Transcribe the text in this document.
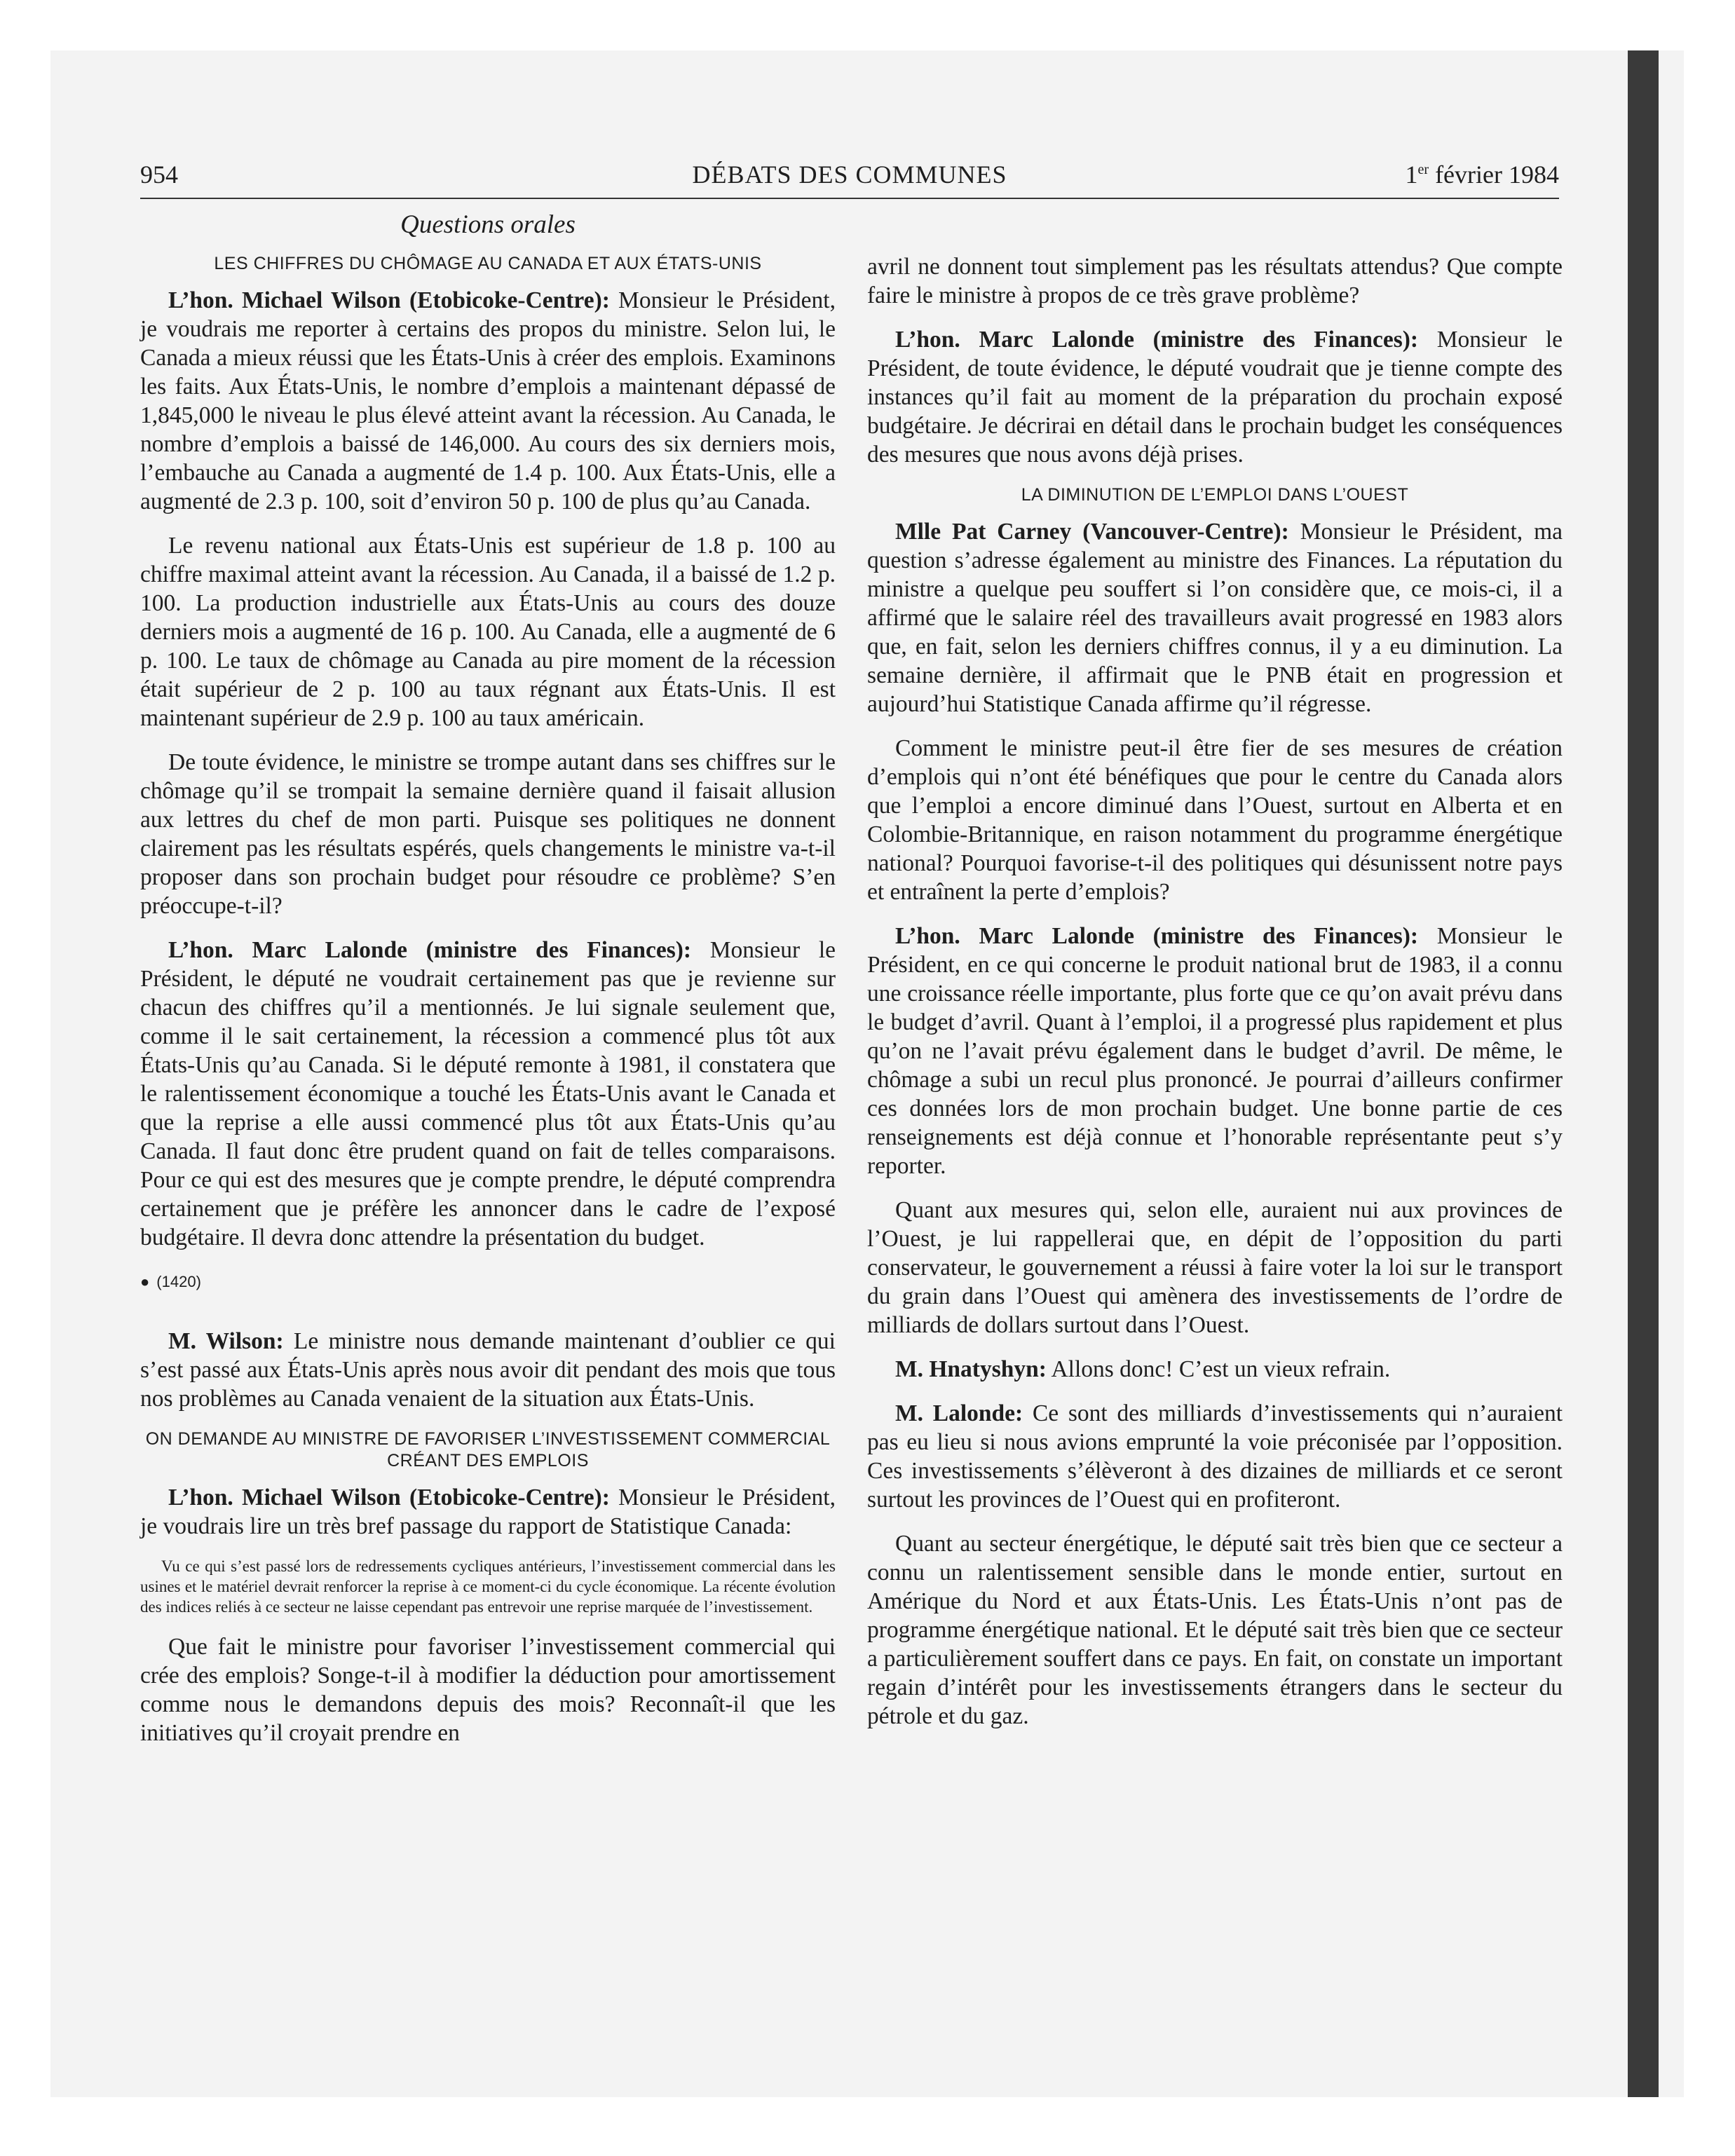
954	DÉBATS DES COMMUNES	1er février 1984
Questions orales
LES CHIFFRES DU CHÔMAGE AU CANADA ET AUX ÉTATS-UNIS

L’hon. Michael Wilson (Etobicoke-Centre): Monsieur le Président, je voudrais me reporter à certains des propos du ministre. Selon lui, le Canada a mieux réussi que les États-Unis à créer des emplois. Examinons les faits. Aux États-Unis, le nombre d’emplois a maintenant dépassé de 1,845,000 le niveau le plus élevé atteint avant la récession. Au Canada, le nombre d’emplois a baissé de 146,000. Au cours des six derniers mois, l’embauche au Canada a augmenté de 1.4 p. 100. Aux États-Unis, elle a augmenté de 2.3 p. 100, soit d’environ 50 p. 100 de plus qu’au Canada.

Le revenu national aux États-Unis est supérieur de 1.8 p. 100 au chiffre maximal atteint avant la récession. Au Canada, il a baissé de 1.2 p. 100. La production industrielle aux États-Unis au cours des douze derniers mois a augmenté de 16 p. 100. Au Canada, elle a augmenté de 6 p. 100. Le taux de chômage au Canada au pire moment de la récession était supérieur de 2 p. 100 au taux régnant aux États-Unis. Il est maintenant supérieur de 2.9 p. 100 au taux américain.

De toute évidence, le ministre se trompe autant dans ses chiffres sur le chômage qu’il se trompait la semaine dernière quand il faisait allusion aux lettres du chef de mon parti. Puisque ses politiques ne donnent clairement pas les résultats espérés, quels changements le ministre va-t-il proposer dans son prochain budget pour résoudre ce problème? S’en préoccupe-t-il?

L’hon. Marc Lalonde (ministre des Finances): Monsieur le Président, le député ne voudrait certainement pas que je revienne sur chacun des chiffres qu’il a mentionnés. Je lui signale seulement que, comme il le sait certainement, la récession a commencé plus tôt aux États-Unis qu’au Canada. Si le député remonte à 1981, il constatera que le ralentissement économique a touché les États-Unis avant le Canada et que la reprise a elle aussi commencé plus tôt aux États-Unis qu’au Canada. Il faut donc être prudent quand on fait de telles comparaisons. Pour ce qui est des mesures que je compte prendre, le député comprendra certainement que je préfère les annoncer dans le cadre de l’exposé budgétaire. Il devra donc attendre la présentation du budget.

● (1420)

M. Wilson: Le ministre nous demande maintenant d’oublier ce qui s’est passé aux États-Unis après nous avoir dit pendant des mois que tous nos problèmes au Canada venaient de la situation aux États-Unis.

ON DEMANDE AU MINISTRE DE FAVORISER L’INVESTISSEMENT COMMERCIAL CRÉANT DES EMPLOIS

L’hon. Michael Wilson (Etobicoke-Centre): Monsieur le Président, je voudrais lire un très bref passage du rapport de Statistique Canada:

Vu ce qui s’est passé lors de redressements cycliques antérieurs, l’investissement commercial dans les usines et le matériel devrait renforcer la reprise à ce moment-ci du cycle économique. La récente évolution des indices reliés à ce secteur ne laisse cependant pas entrevoir une reprise marquée de l’investissement.

Que fait le ministre pour favoriser l’investissement commercial qui crée des emplois? Songe-t-il à modifier la déduction pour amortissement comme nous le demandons depuis des mois? Reconnaît-il que les initiatives qu’il croyait prendre en

avril ne donnent tout simplement pas les résultats attendus? Que compte faire le ministre à propos de ce très grave problème?

L’hon. Marc Lalonde (ministre des Finances): Monsieur le Président, de toute évidence, le député voudrait que je tienne compte des instances qu’il fait au moment de la préparation du prochain exposé budgétaire. Je décrirai en détail dans le prochain budget les conséquences des mesures que nous avons déjà prises.

LA DIMINUTION DE L’EMPLOI DANS L’OUEST

Mlle Pat Carney (Vancouver-Centre): Monsieur le Président, ma question s’adresse également au ministre des Finances. La réputation du ministre a quelque peu souffert si l’on considère que, ce mois-ci, il a affirmé que le salaire réel des travailleurs avait progressé en 1983 alors que, en fait, selon les derniers chiffres connus, il y a eu diminution. La semaine dernière, il affirmait que le PNB était en progression et aujourd’hui Statistique Canada affirme qu’il régresse.

Comment le ministre peut-il être fier de ses mesures de création d’emplois qui n’ont été bénéfiques que pour le centre du Canada alors que l’emploi a encore diminué dans l’Ouest, surtout en Alberta et en Colombie-Britannique, en raison notamment du programme énergétique national? Pourquoi favorise-t-il des politiques qui désunissent notre pays et entraînent la perte d’emplois?

L’hon. Marc Lalonde (ministre des Finances): Monsieur le Président, en ce qui concerne le produit national brut de 1983, il a connu une croissance réelle importante, plus forte que ce qu’on avait prévu dans le budget d’avril. Quant à l’emploi, il a progressé plus rapidement et plus qu’on ne l’avait prévu également dans le budget d’avril. De même, le chômage a subi un recul plus prononcé. Je pourrai d’ailleurs confirmer ces données lors de mon prochain budget. Une bonne partie de ces renseignements est déjà connue et l’honorable représentante peut s’y reporter.

Quant aux mesures qui, selon elle, auraient nui aux provinces de l’Ouest, je lui rappellerai que, en dépit de l’opposition du parti conservateur, le gouvernement a réussi à faire voter la loi sur le transport du grain dans l’Ouest qui amènera des investissements de l’ordre de milliards de dollars surtout dans l’Ouest.

M. Hnatyshyn: Allons donc! C’est un vieux refrain.

M. Lalonde: Ce sont des milliards d’investissements qui n’auraient pas eu lieu si nous avions emprunté la voie préconisée par l’opposition. Ces investissements s’élèveront à des dizaines de milliards et ce seront surtout les provinces de l’Ouest qui en profiteront.

Quant au secteur énergétique, le député sait très bien que ce secteur a connu un ralentissement sensible dans le monde entier, surtout en Amérique du Nord et aux États-Unis. Les États-Unis n’ont pas de programme énergétique national. Et le député sait très bien que ce secteur a particulièrement souffert dans ce pays. En fait, on constate un important regain d’intérêt pour les investissements étrangers dans le secteur du pétrole et du gaz.
